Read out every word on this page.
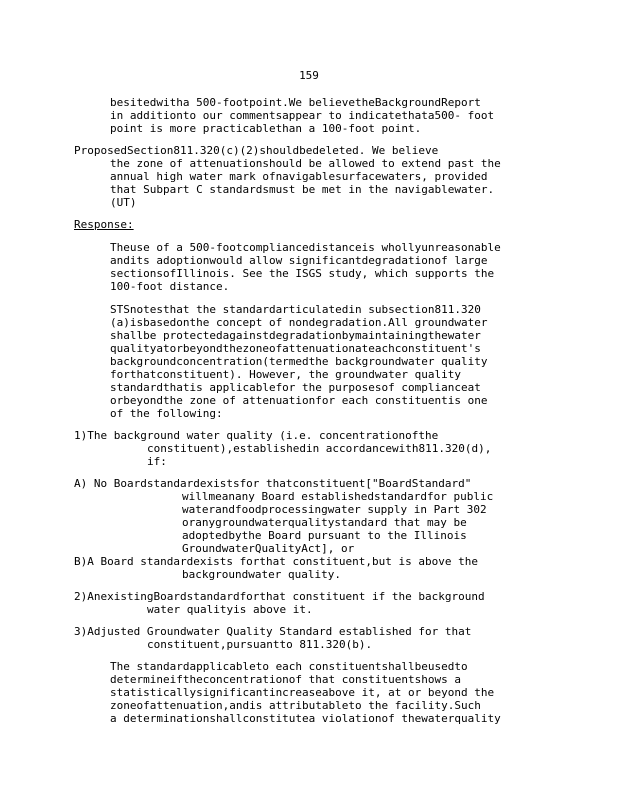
159
besitedwitha 500-footpoint.We believetheBackgroundReport
in additionto our commentsappear to indicatethata500- foot
point is more practicablethan a 100-foot point.
ProposedSection811.320(c)(2)shouldbedeleted. We believe
the zone of attenuationshould be allowed to extend past the
annual high water mark ofnavigablesurfacewaters, provided
that Subpart C standardsmust be met in the navigablewater.
(UT)
Response:
Theuse of a 500-footcompliancedistanceis whollyunreasonable
andits adoptionwould allow significantdegradationof large
sectionsofIllinois. See the ISGS study, which supports the
100-foot distance.
STSnotesthat the standardarticulatedin subsection811.320
(a)isbasedonthe concept of nondegradation.All groundwater
shallbe protectedagainstdegradationbymaintainingthewater
qualityatorbeyondthezoneofattenuationateachconstituent's
backgroundconcentration(termedthe backgroundwater quality
forthatconstituent). However, the groundwater quality
standardthatis applicablefor the purposesof complianceat
orbeyondthe zone of attenuationfor each constituentis one
of the following:
1)The background water quality (i.e. concentrationofthe
constituent),establishedin accordancewith811.320(d),
if:
A) No Boardstandardexistsfor thatconstituent["BoardStandard"
willmeanany Board establishedstandardfor public
waterandfoodprocessingwater supply in Part 302
oranygroundwaterqualitystandard that may be
adoptedbythe Board pursuant to the Illinois
GroundwaterQualityAct], or
B)A Board standardexists forthat constituent,but is above the
backgroundwater quality.
2)AnexistingBoardstandardforthat constituent if the background
water qualityis above it.
3)Adjusted Groundwater Quality Standard established for that
constituent,pursuantto 811.320(b).
The standardapplicableto each constituentshallbeusedto
determineiftheconcentrationof that constituentshows a
statisticallysignificantincreaseabove it, at or beyond the
zoneofattenuation,andis attributableto the facility.Such
a determinationshallconstitutea violationof thewaterquality
